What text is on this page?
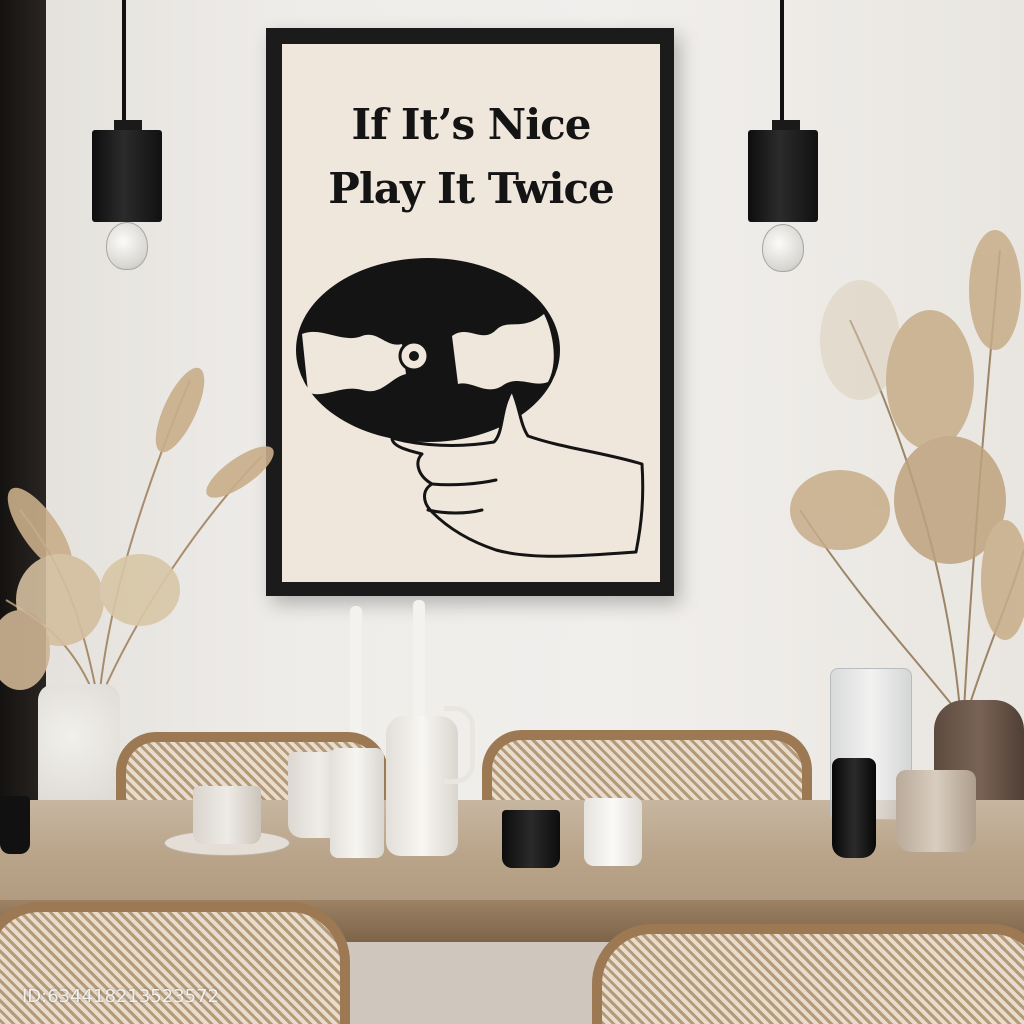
If It’s Nice
Play It Twice
ID:634418213523572
